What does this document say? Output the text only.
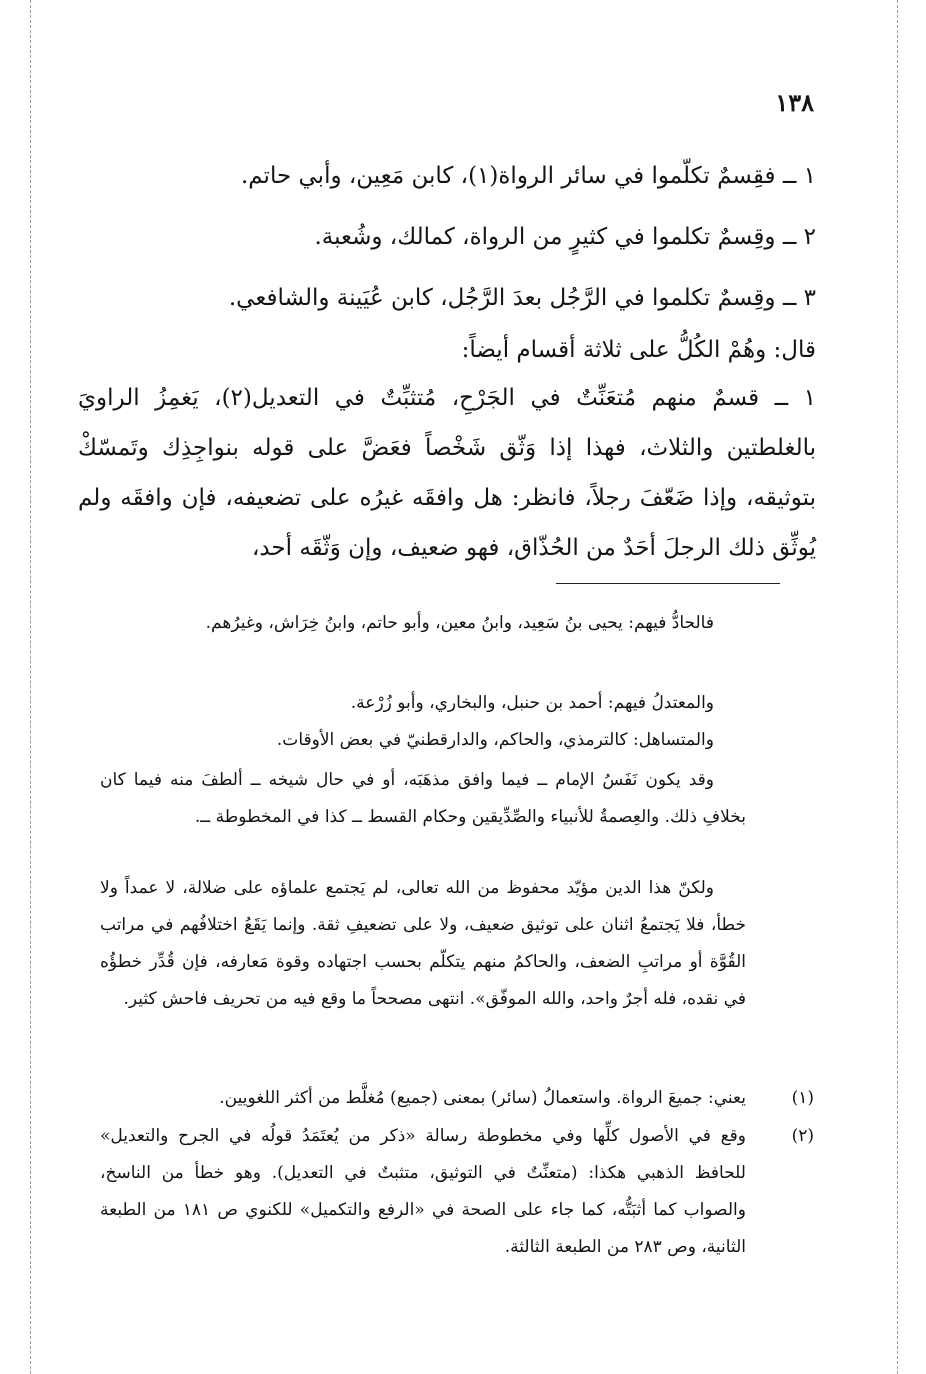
١٣٨

١ ــ فقِسمٌ تكلّموا في سائر الرواة(١)، كابن مَعِين، وأبي حاتم.

٢ ــ وقِسمٌ تكلموا في كثيرٍ من الرواة، كمالك، وشُعبة.

٣ ــ وقِسمٌ تكلموا في الرَّجُل بعدَ الرَّجُل، كابن عُيَينة والشافعي.

قال: وهُمْ الكُلُّ على ثلاثة أقسام أيضاً:

١ ــ قسمٌ منهم مُتعَنِّتٌ في الجَرْحِ، مُتثبِّتٌ في التعديل(٢)، يَغمِزُ الراويَ بالغلطتين والثلاث، فهذا إذا وَثّق شَخْصاً فعَضَّ على قوله بنواجِذِك وتَمسّكْ بتوثيقه، وإذا ضَعّفَ رجلاً، فانظر: هل وافقَه غيرُه على تضعيفه، فإن وافقَه ولم يُوثِّق ذلك الرجلَ أحَدٌ من الحُذّاق، فهو ضعيف، وإن وَثّقَه أحد،

فالحادُّ فيهم: يحيى بنُ سَعِيد، وابنُ معين، وأبو حاتم، وابنُ خِرَاش، وغيرُهم.

والمعتدلُ فيهم: أحمد بن حنبل، والبخاري، وأبو زُرْعة.

والمتساهل: كالترمذي، والحاكم، والدارقطنيّ في بعض الأوقات.

وقد يكون نَفَسُ الإمام ــ فيما وافق مذهَبَه، أو في حال شيخه ــ ألطفَ منه فيما كان بخلافِ ذلك. والعِصمةُ للأنبياء والصِّدِّيقين وحكام القسط ــ كذا في المخطوطة ــ.

ولكنّ هذا الدين مؤيّد محفوظ من الله تعالى، لم يَجتمع علماؤه على ضلالة، لا عمداً ولا خطأ، فلا يَجتمعُ اثنان على توثيق ضعيف، ولا على تضعيفِ ثقة. وإنما يَقَعُ اختلافُهم في مراتب القُوَّة أو مراتبِ الضعف، والحاكمُ منهم يتكلّم بحسب اجتهاده وقوة مَعارفه، فإن قُدِّر خطؤُه في نقده، فله أجرٌ واحد، والله الموفّق». انتهى مصححاً ما وقع فيه من تحريف فاحش كثير.

(١)
يعني: جميعَ الرواة. واستعمالُ (سائر) بمعنى (جميع) مُغلَّط من أكثر اللغويين.
(٢)
وقع في الأصول كلِّها وفي مخطوطة رسالة «ذكر من يُعتَمَدُ قولُه في الجرح والتعديل» للحافظ الذهبي هكذا: (متعنِّتٌ في التوثيق، متثبتٌ في التعديل). وهو خطأ من الناسخ، والصواب كما أثبَتُّه، كما جاء على الصحة في «الرفع والتكميل» للكنوي ص ١٨١ من الطبعة الثانية، وص ٢٨٣ من الطبعة الثالثة.
